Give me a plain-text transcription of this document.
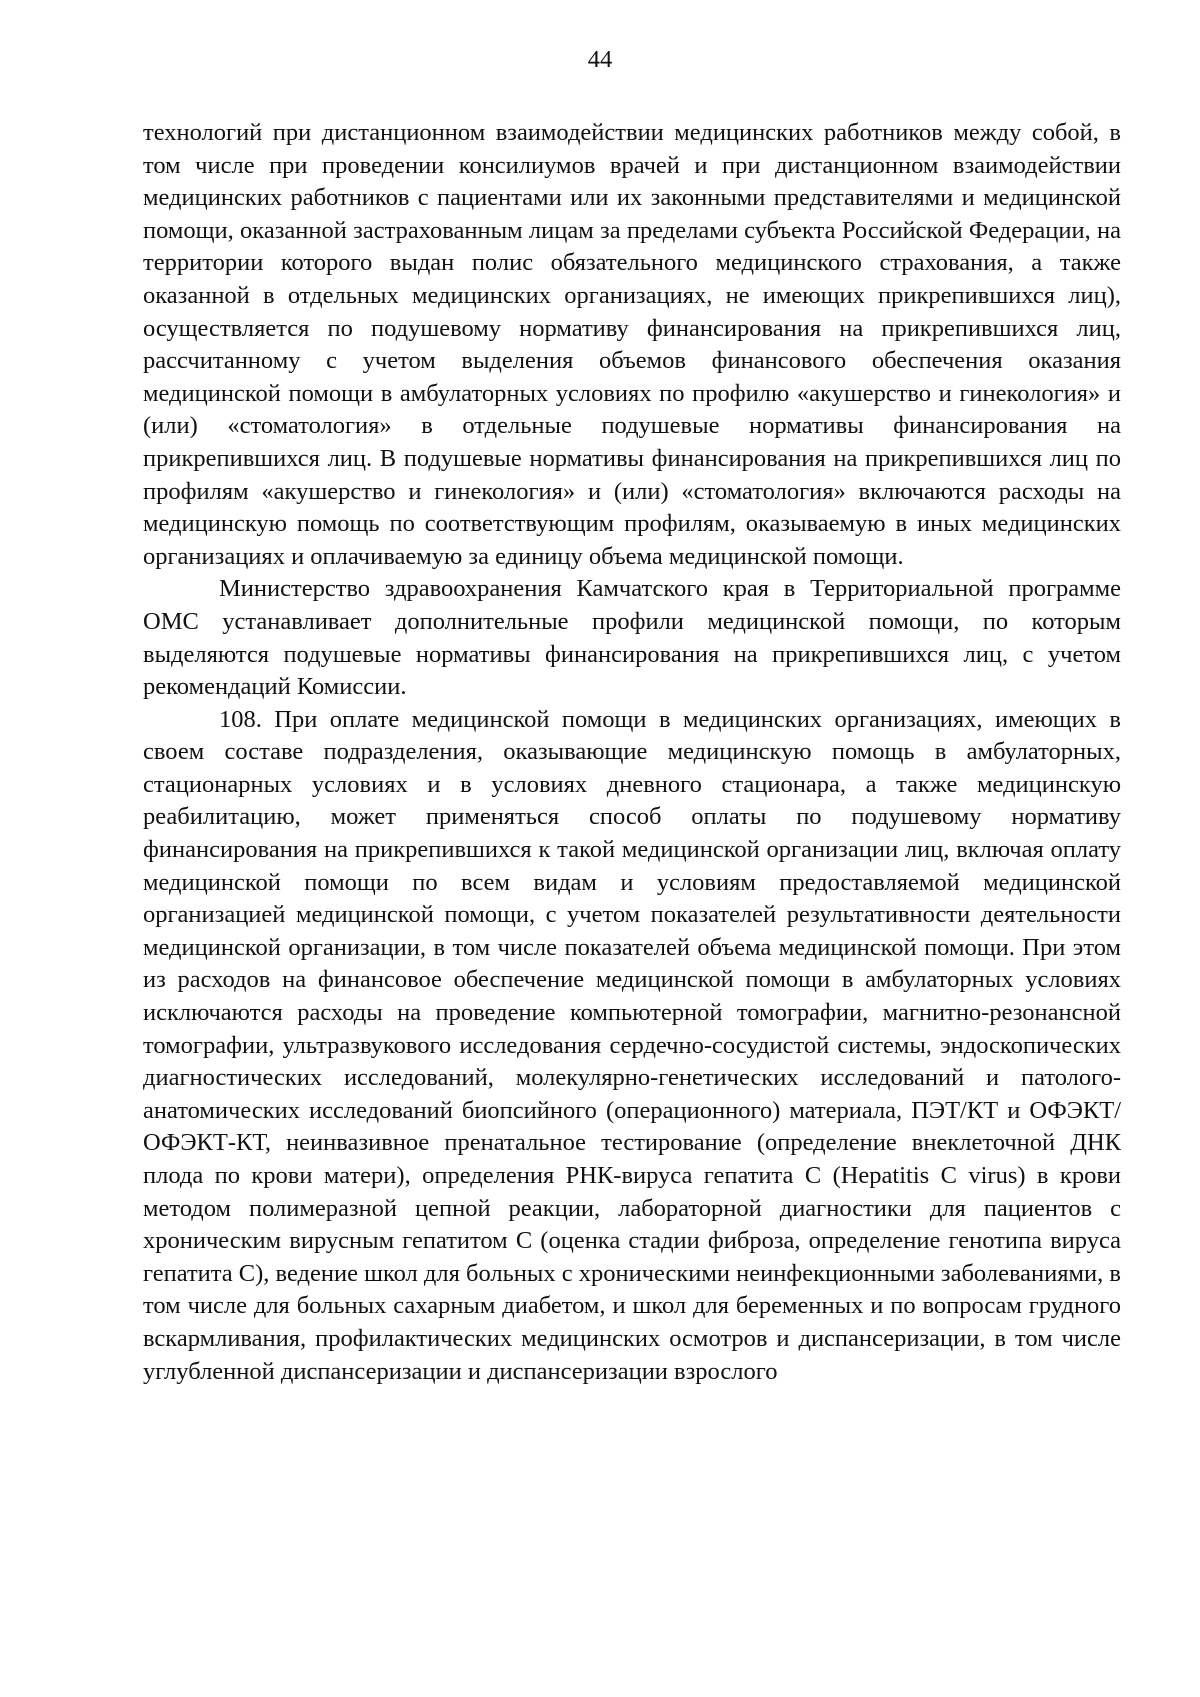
44

технологий при дистанционном взаимодействии медицинских работников между собой, в том числе при проведении консилиумов врачей и при дистанционном взаимодействии медицинских работников с пациентами или их законными представителями и медицинской помощи, оказанной застрахованным лицам за пределами субъекта Российской Федерации, на территории которого выдан полис обязательного медицинского страхования, а также оказанной в отдельных медицинских организациях, не имеющих прикрепившихся лиц), осуществляется по подушевому нормативу финансирования на прикрепившихся лиц, рассчитанному с учетом выделения объемов финансового обеспечения оказания медицинской помощи в амбулаторных условиях по профилю «акушерство и гинекология» и (или) «стоматология» в отдельные подушевые нормативы финансирования на прикрепившихся лиц. В подушевые нормативы финансирования на прикрепившихся лиц по профилям «акушерство и гинекология» и (или) «стоматология» включаются расходы на медицинскую помощь по соответствующим профилям, оказываемую в иных медицинских организациях и оплачиваемую за единицу объема медицинской помощи.

Министерство здравоохранения Камчатского края в Территориальной программе ОМС устанавливает дополнительные профили медицинской помощи, по которым выделяются подушевые нормативы финансирования на прикрепившихся лиц, с учетом рекомендаций Комиссии.

108. При оплате медицинской помощи в медицинских организациях, имеющих в своем составе подразделения, оказывающие медицинскую помощь в амбулаторных, стационарных условиях и в условиях дневного стационара, а также медицинскую реабилитацию, может применяться способ оплаты по подушевому нормативу финансирования на прикрепившихся к такой медицинской организации лиц, включая оплату медицинской помощи по всем видам и условиям предоставляемой медицинской организацией медицинской помощи, с учетом показателей результативности деятельности медицинской организации, в том числе показателей объема медицинской помощи. При этом из расходов на финансовое обеспечение медицинской помощи в амбулаторных условиях исключаются расходы на проведение компьютерной томографии, магнитно-резонансной томографии, ультразвукового исследования сердечно-сосудистой системы, эндоскопических диагностических исследований, молекулярно-генетических исследований и патолого-анатомических исследований биопсийного (операционного) материала, ПЭТ/КТ и ОФЭКТ/ОФЭКТ-КТ, неинвазивное пренатальное тестирование (определение внеклеточной ДНК плода по крови матери), определения РНК-вируса гепатита С (Hepatitis C virus) в крови методом полимеразной цепной реакции, лабораторной диагностики для пациентов с хроническим вирусным гепатитом С (оценка стадии фиброза, определение генотипа вируса гепатита С), ведение школ для больных с хроническими неинфекционными заболеваниями, в том числе для больных сахарным диабетом, и школ для беременных и по вопросам грудного вскармливания, профилактических медицинских осмотров и диспансеризации, в том числе углубленной диспансеризации и диспансеризации взрослого
